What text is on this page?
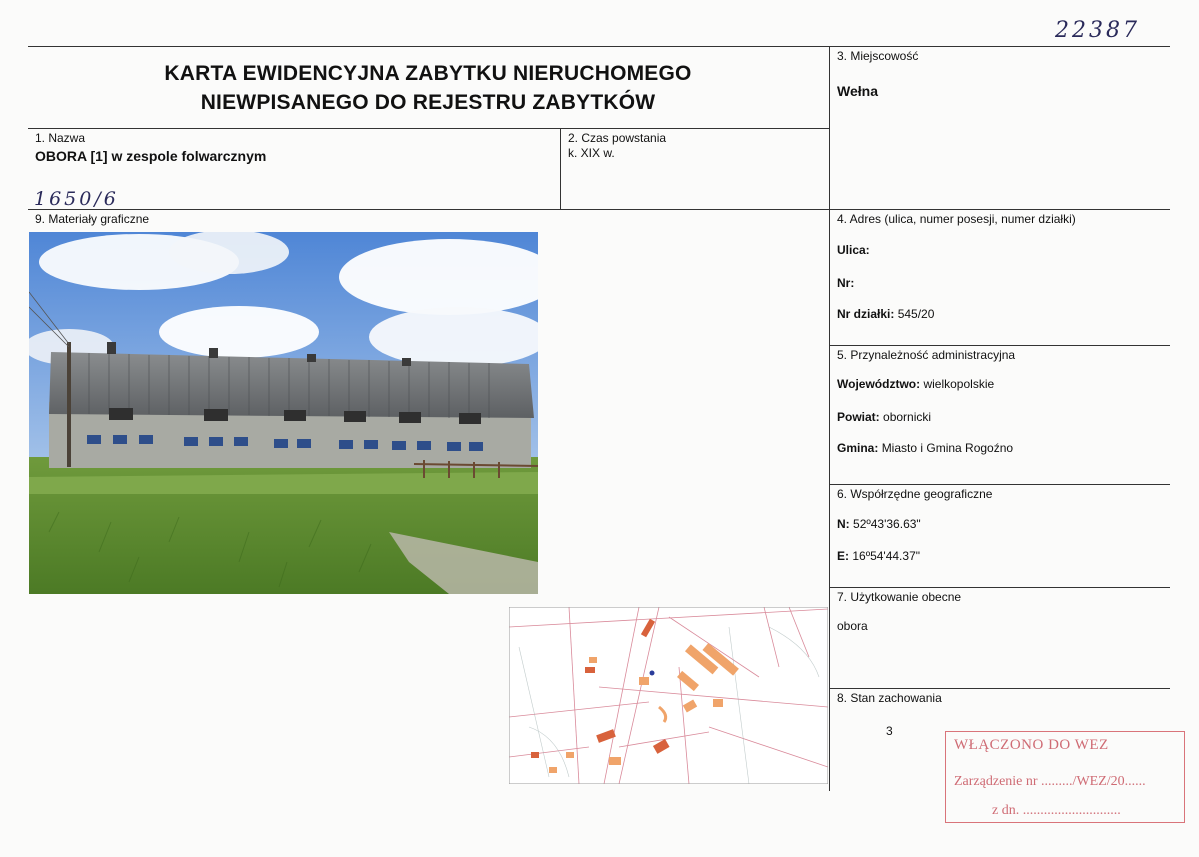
22387
KARTA EWIDENCYJNA ZABYTKU NIERUCHOMEGO
NIEWPISANEGO DO REJESTRU ZABYTKÓW
1. Nazwa
OBORA [1] w zespole folwarcznym
1650/6
2. Czas powstania
k. XIX w.
3. Miejscowość
Wełna
9. Materiały graficzne	4. Adres (ulica, numer posesji, numer działki)
Ulica:
Nr:
Nr działki: 545/20
5. Przynależność administracyjna
Województwo: wielkopolskie
Powiat: obornicki
Gmina: Miasto i Gmina Rogoźno
6. Współrzędne geograficzne
N: 52º43'36.63"
E: 16º54'44.37"
7. Użytkowanie obecne
obora
8. Stan zachowania
3
WŁĄCZONO DO WEZ
Zarządzenie nr ........./WEZ/20......
z dn. ............................
